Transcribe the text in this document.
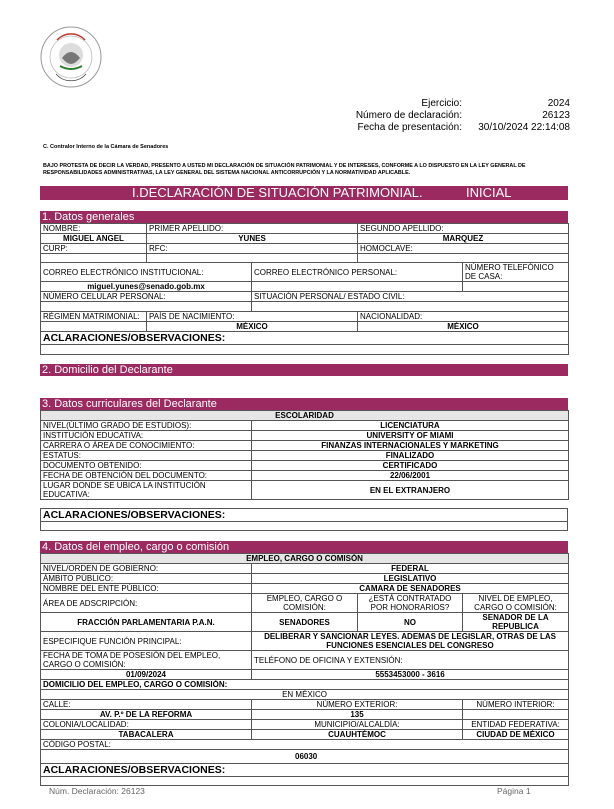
Ejercicio:	2024
Número de declaración:	26123
Fecha de presentación:	30/10/2024 22:14:08
C. Contralor Interno de la Cámara de Senadores
BAJO PROTESTA DE DECIR LA VERDAD, PRESENTO A USTED MI DECLARACIÓN DE SITUACIÓN PATRIMONIAL Y DE INTERESES, CONFORME A LO DISPUESTO EN LA LEY GENERAL DE RESPONSABILIDADES ADMINISTRATIVAS, LA LEY GENERAL DEL SISTEMA NACIONAL ANTICORRUPCIÓN Y LA NORMATIVIDAD APLICABLE.
I.DECLARACIÓN DE SITUACIÓN PATRIMONIAL.	INICIAL
1. Datos generales
NOMBRE:	PRIMER APELLIDO:		SEGUNDO APELLIDO:	
MIGUEL ANGEL	YUNES		MARQUEZ	
CURP:	RFC:		HOMOCLAVE:	

CORREO ELECTRÓNICO INSTITUCIONAL:		CORREO ELECTRÓNICO PERSONAL:		NÚMERO TELEFÓNICO DE CASA:
miguel.yunes@senado.gob.mx				
NÚMERO CELULAR PERSONAL:		SITUACIÓN PERSONAL/ ESTADO CIVIL:		

RÉGIMEN MATRIMONIAL:	PAÍS DE NACIMIENTO:		NACIONALIDAD:	
	MÉXICO		MÉXICO	
ACLARACIONES/OBSERVACIONES:				

2. Domicilio del Declarante
3. Datos curriculares del Declarante
ESCOLARIDAD	
NIVEL(ÚLTIMO GRADO DE ESTUDIOS):	LICENCIATURA
INSTITUCIÓN EDUCATIVA:	UNIVERSITY OF MIAMI
CARRERA O ÁREA DE CONOCIMIENTO:	FINANZAS INTERNACIONALES Y MARKETING
ESTATUS:	FINALIZADO
DOCUMENTO OBTENIDO:	CERTIFICADO
FECHA DE OBTENCIÓN DEL DOCUMENTO:	22/06/2001
LUGAR DONDE SE UBICA LA INSTITUCIÓN EDUCATIVA:	EN EL EXTRANJERO
ACLARACIONES/OBSERVACIONES:

4. Datos del empleo, cargo o comisión
EMPLEO, CARGO O COMISÓN			
NIVEL/ORDEN DE GOBIERNO:	FEDERAL		
ÁMBITO PÚBLICO:	LEGISLATIVO		
NOMBRE DEL ENTE PÚBLICO:	CAMARA DE SENADORES		
ÁREA DE ADSCRIPCIÓN:	EMPLEO, CARGO O COMISIÓN:	¿ESTÁ CONTRATADO POR HONORARIOS?	NIVEL DE EMPLEO, CARGO O COMISIÓN:
FRACCIÓN PARLAMENTARIA P.A.N.	SENADORES	NO	SENADOR DE LA REPUBLICA
ESPECIFIQUE FUNCIÓN PRINCIPAL:	DELIBERAR Y SANCIONAR LEYES. ADEMAS DE LEGISLAR, OTRAS DE LAS FUNCIONES ESENCIALES DEL CONGRESO		
FECHA DE TOMA DE POSESIÓN DEL EMPLEO, CARGO O COMISIÓN:	TELÉFONO DE OFICINA Y EXTENSIÓN:		
01/09/2024	5553453000 - 3616		
DOMICILIO DEL EMPLEO, CARGO O COMISIÓN:			
EN MÉXICO			
CALLE:	NÚMERO EXTERIOR:		NÚMERO INTERIOR:
AV. P.º DE LA REFORMA	135		
COLONIA/LOCALIDAD:	MUNICIPIO/ALCALDÍA:		ENTIDAD FEDERATIVA:
TABACALERA	CUAUHTÉMOC		CIUDAD DE MÉXICO
CÓDIGO POSTAL:			
06030			
ACLARACIONES/OBSERVACIONES:			

Núm. Declaración: 26123	Página 1
